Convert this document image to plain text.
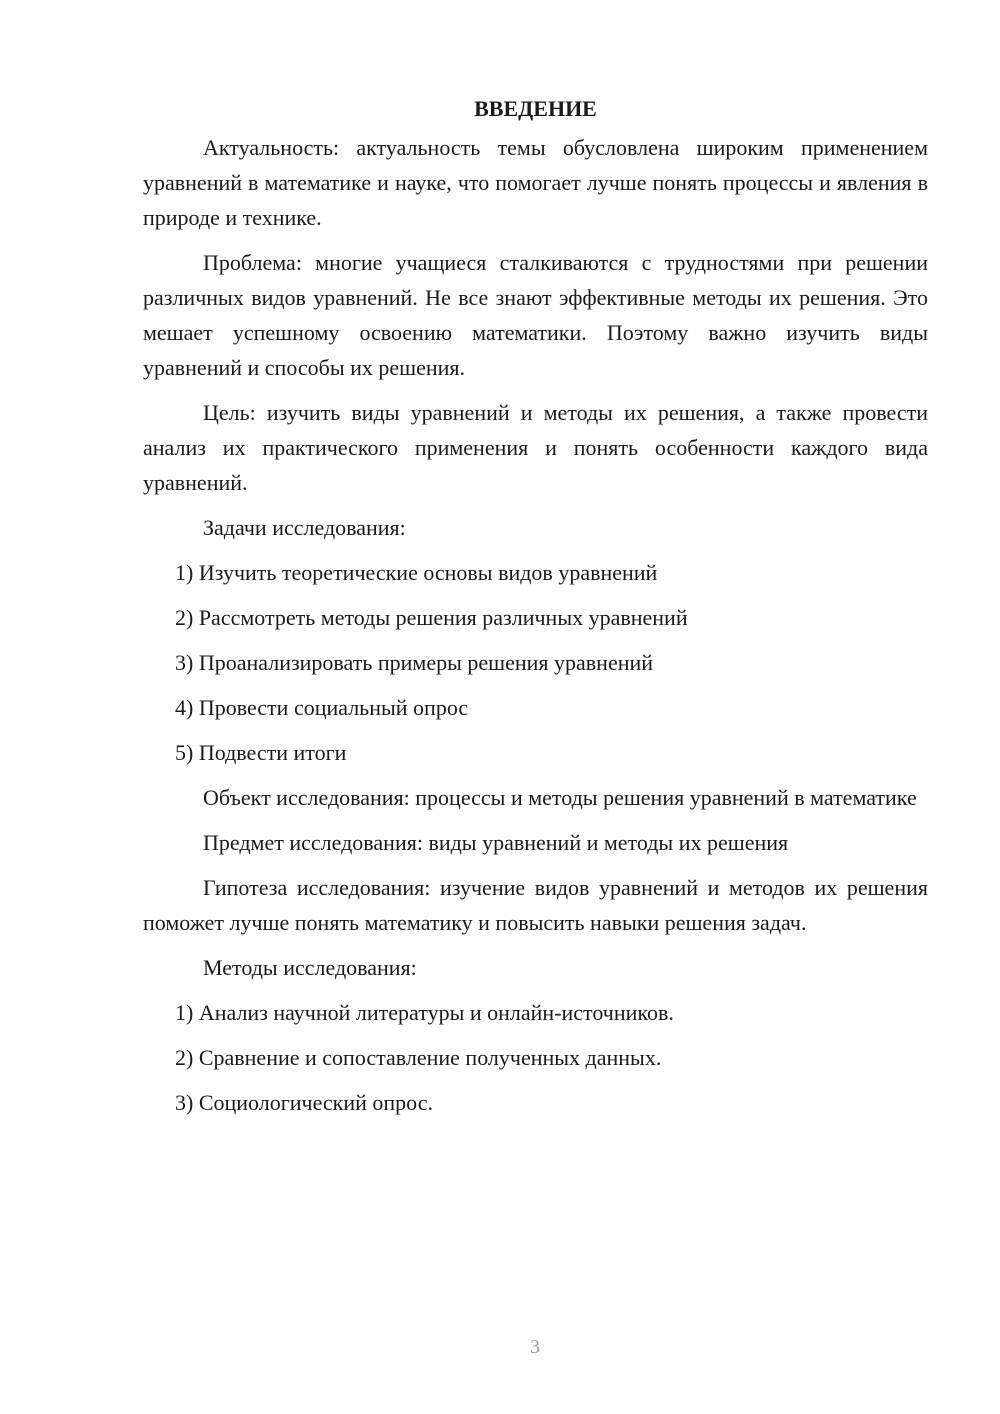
ВВЕДЕНИЕ

Актуальность: актуальность темы обусловлена широким применением уравнений в математике и науке, что помогает лучше понять процессы и явления в природе и технике.

Проблема: многие учащиеся сталкиваются с трудностями при решении различных видов уравнений. Не все знают эффективные методы их решения. Это мешает успешному освоению математики. Поэтому важно изучить виды уравнений и способы их решения.

Цель: изучить виды уравнений и методы их решения, а также провести анализ их практического применения и понять особенности каждого вида уравнений.

Задачи исследования:

1) Изучить теоретические основы видов уравнений
2) Рассмотреть методы решения различных уравнений
3) Проанализировать примеры решения уравнений
4) Провести социальный опрос
5) Подвести итоги

Объект исследования: процессы и методы решения уравнений в математике

Предмет исследования: виды уравнений и методы их решения

Гипотеза исследования: изучение видов уравнений и методов их решения поможет лучше понять математику и повысить навыки решения задач.

Методы исследования:

1) Анализ научной литературы и онлайн-источников.
2) Сравнение и сопоставление полученных данных.
3) Социологический опрос.
3
